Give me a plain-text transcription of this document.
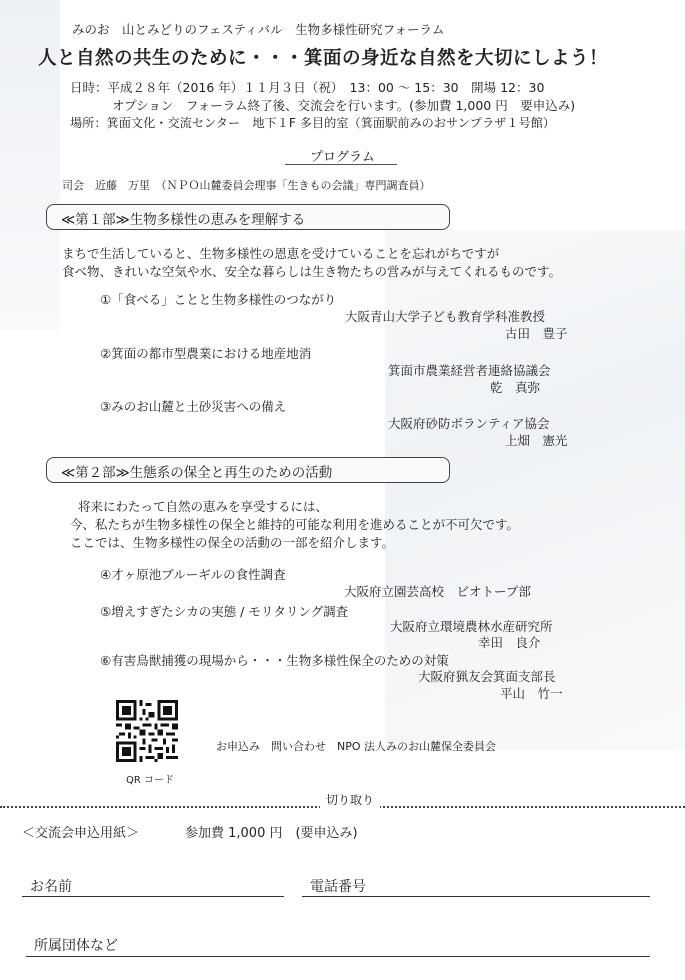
みのお　山とみどりのフェスティバル　生物多様性研究フォーラム
人と自然の共生のために・・・箕面の身近な自然を大切にしよう！
日時：平成２８年（2016 年）１１月３日（祝）　13：00 ～ 15：30　開場 12：30
オプション　フォーラム終了後、交流会を行います。(参加費 1,000 円　要申込み)
場所：箕面文化・交流センター　地下１F 多目的室（箕面駅前みのおサンプラザ１号館）
プログラム
司会　近藤　万里　（ＮＰＯ山麓委員会理事「生きもの会議」専門調査員）
≪第１部≫生物多様性の恵みを理解する
まちで生活していると、生物多様性の恩恵を受けていることを忘れがちですが
食べ物、きれいな空気や水、安全な暮らしは生き物たちの営みが与えてくれるものです。
①「食べる」ことと生物多様性のつながり
大阪青山大学子ども教育学科准教授
古田　豊子
②箕面の都市型農業における地産地消
箕面市農業経営者連絡協議会
乾　真弥
③みのお山麓と土砂災害への備え
大阪府砂防ボランティア協会
上畑　憲光
≪第２部≫生態系の保全と再生のための活動
将来にわたって自然の恵みを享受するには、
今、私たちが生物多様性の保全と維持的可能な利用を進めることが不可欠です。
ここでは、生物多様性の保全の活動の一部を紹介します。
④才ヶ原池ブルーギルの食性調査
大阪府立園芸高校　ビオトープ部
⑤増えすぎたシカの実態 / モリタリング調査
大阪府立環境農林水産研究所
幸田　良介
⑥有害鳥獣捕獲の現場から・・・生物多様性保全のための対策
大阪府猟友会箕面支部長
平山　竹一
QR コード
お申込み　問い合わせ　NPO 法人みのお山麓保全委員会
切り取り
＜交流会申込用紙＞	参加費 1,000 円　(要申込み)
お名前	電話番号
所属団体など
